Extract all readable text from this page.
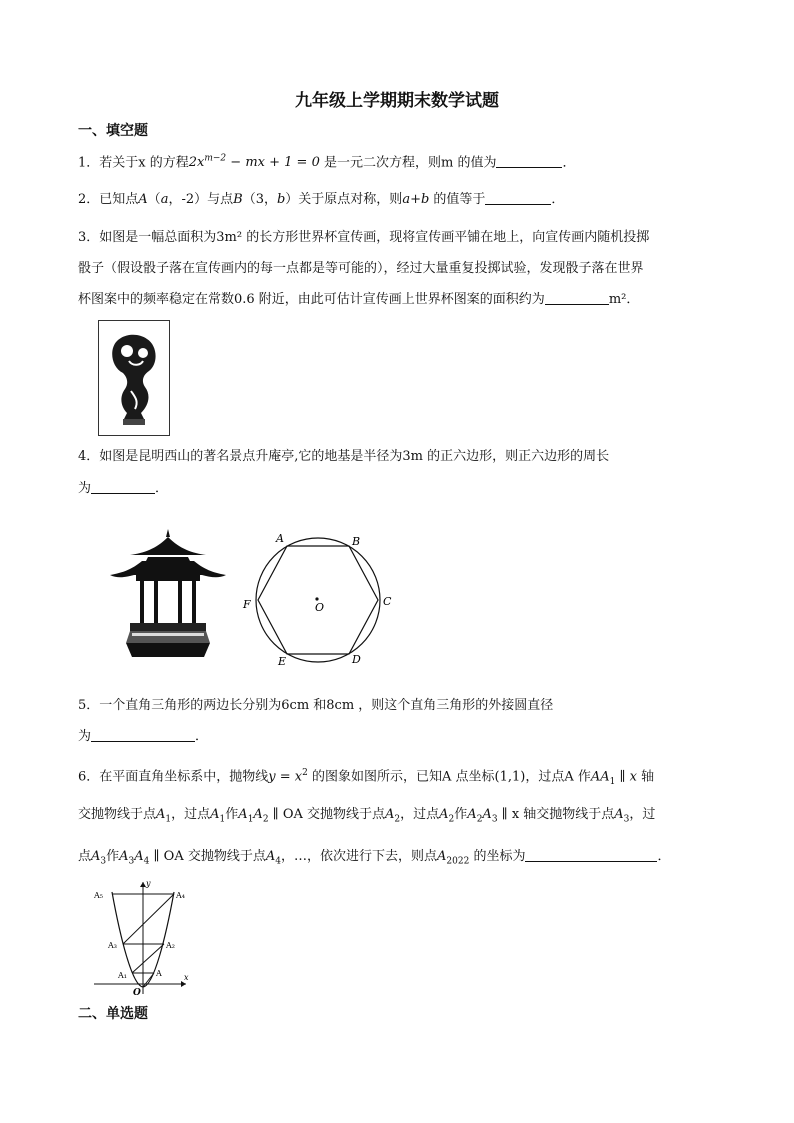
九年级上学期期末数学试题
一、填空题
1．若关于x 的方程$2x^{m-2}$ − mx + 1 = 0 是一元二次方程，则m 的值为	．
2．已知点A（a，-2）与点B（3，b）关于原点对称，则a+b 的值等于	．
3．如图是一幅总面积为3m² 的长方形世界杯宣传画，现将宣传画平铺在地上，向宣传画内随机投掷
骰子（假设骰子落在宣传画内的每一点都是等可能的），经过大量重复投掷试验，发现骰子落在世界
杯图案中的频率稳定在常数0.6 附近，由此可估计宣传画上世界杯图案的面积约为	m²．
4．如图是昆明西山的著名景点升庵亭,它的地基是半径为3m 的正六边形，则正六边形的周长
为	．
A	B
C
D
E
F	O
5．一个直角三角形的两边长分别为6cm 和8cm ，则这个直角三角形的外接圆直径
为	．
6．在平面直角坐标系中，抛物线$y = x^2$ 的图象如图所示，已知A 点坐标(1,1)，过点A 作$AA_1$ ∥ x 轴
交抛物线于点$A_1$，过点$A_1$作$A_1A_2$ ∥ OA 交抛物线于点$A_2$，过点$A_2$作$A_2A_3$ ∥ x 轴交抛物线于点$A_3$，过
点$A_3$作$A_3A_4$ ∥ OA 交抛物线于点$A_4$，…，依次进行下去，则点$A_{2022}$ 的坐标为	．
A₅	A₄
A₃	A₂
A₁	A
y
x
O
二、单选题
